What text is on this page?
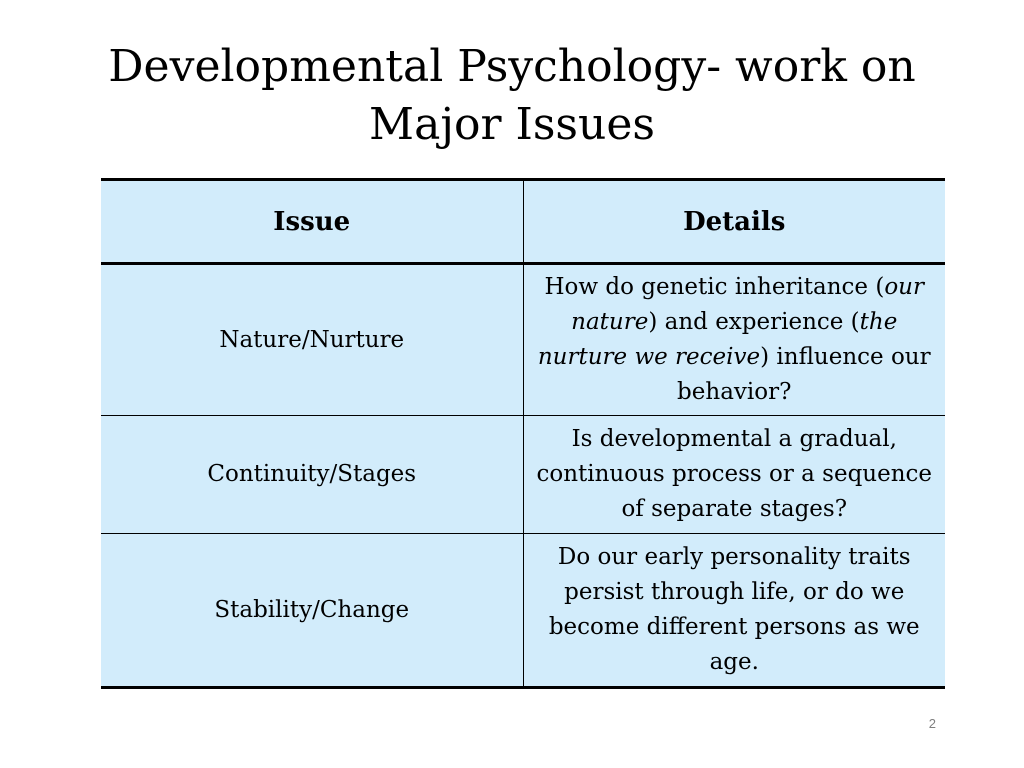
Developmental Psychology- work on
Major Issues
Issue	Details
Nature/Nurture	How do genetic inheritance (our nature) and experience (the nurture we receive) influence our behavior?

Continuity/Stages	Is developmental a gradual, continuous process or a sequence of separate stages?
Stability/Change	Do our early personality traits persist through life, or do we become different persons as we age.
2
